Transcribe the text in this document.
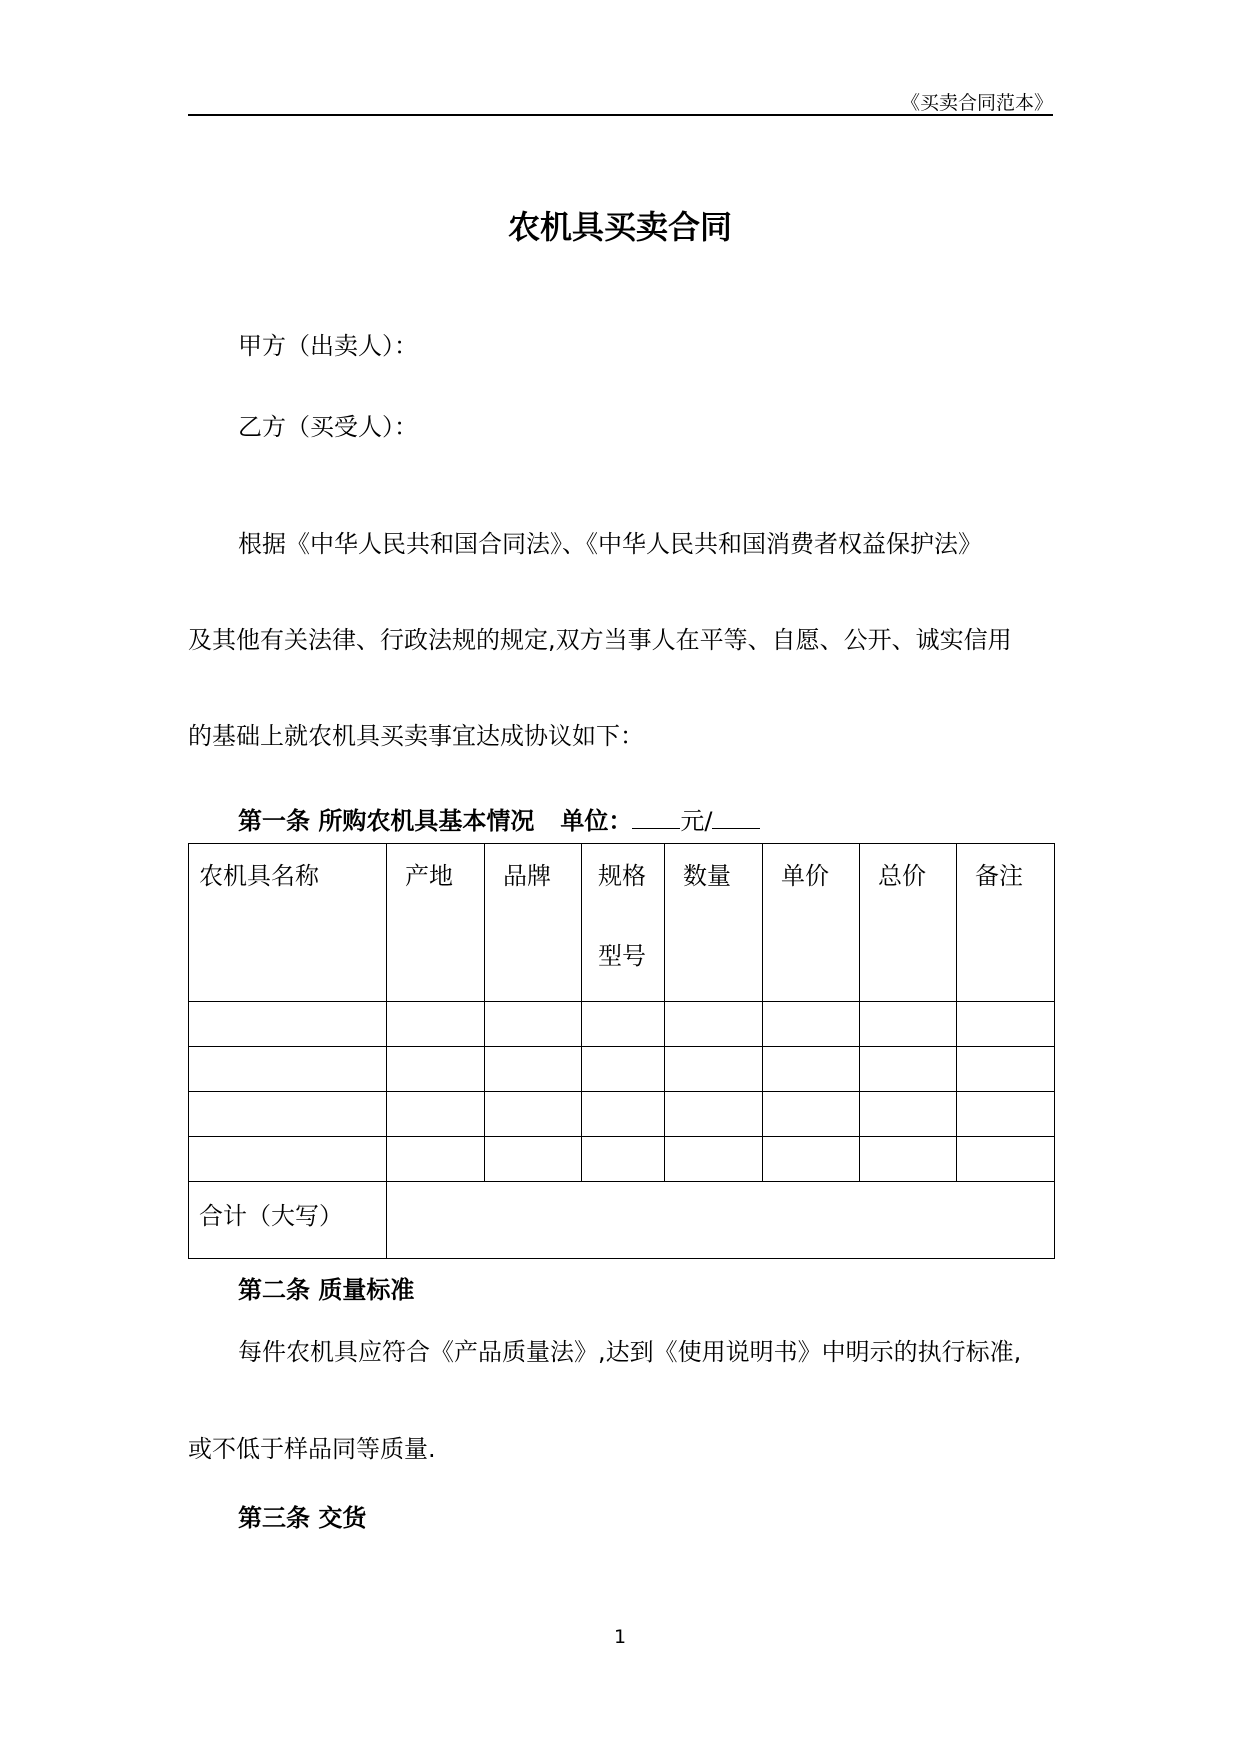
《买卖合同范本》
农机具买卖合同
甲方（出卖人）：
乙方（买受人）：
根据《中华人民共和国合同法》、《中华人民共和国消费者权益保护法》
及其他有关法律、行政法规的规定,双方当事人在平等、自愿、公开、诚实信用
的基础上就农机具买卖事宜达成协议如下：
第一条 所购农机具基本情况 单位： 元/
农机具名称	产地	品牌	规格型号	数量	单价	总价	备注

合计（大写）							

第二条 质量标准
每件农机具应符合《产品质量法》,达到《使用说明书》中明示的执行标准,
或不低于样品同等质量.
第三条 交货
1
